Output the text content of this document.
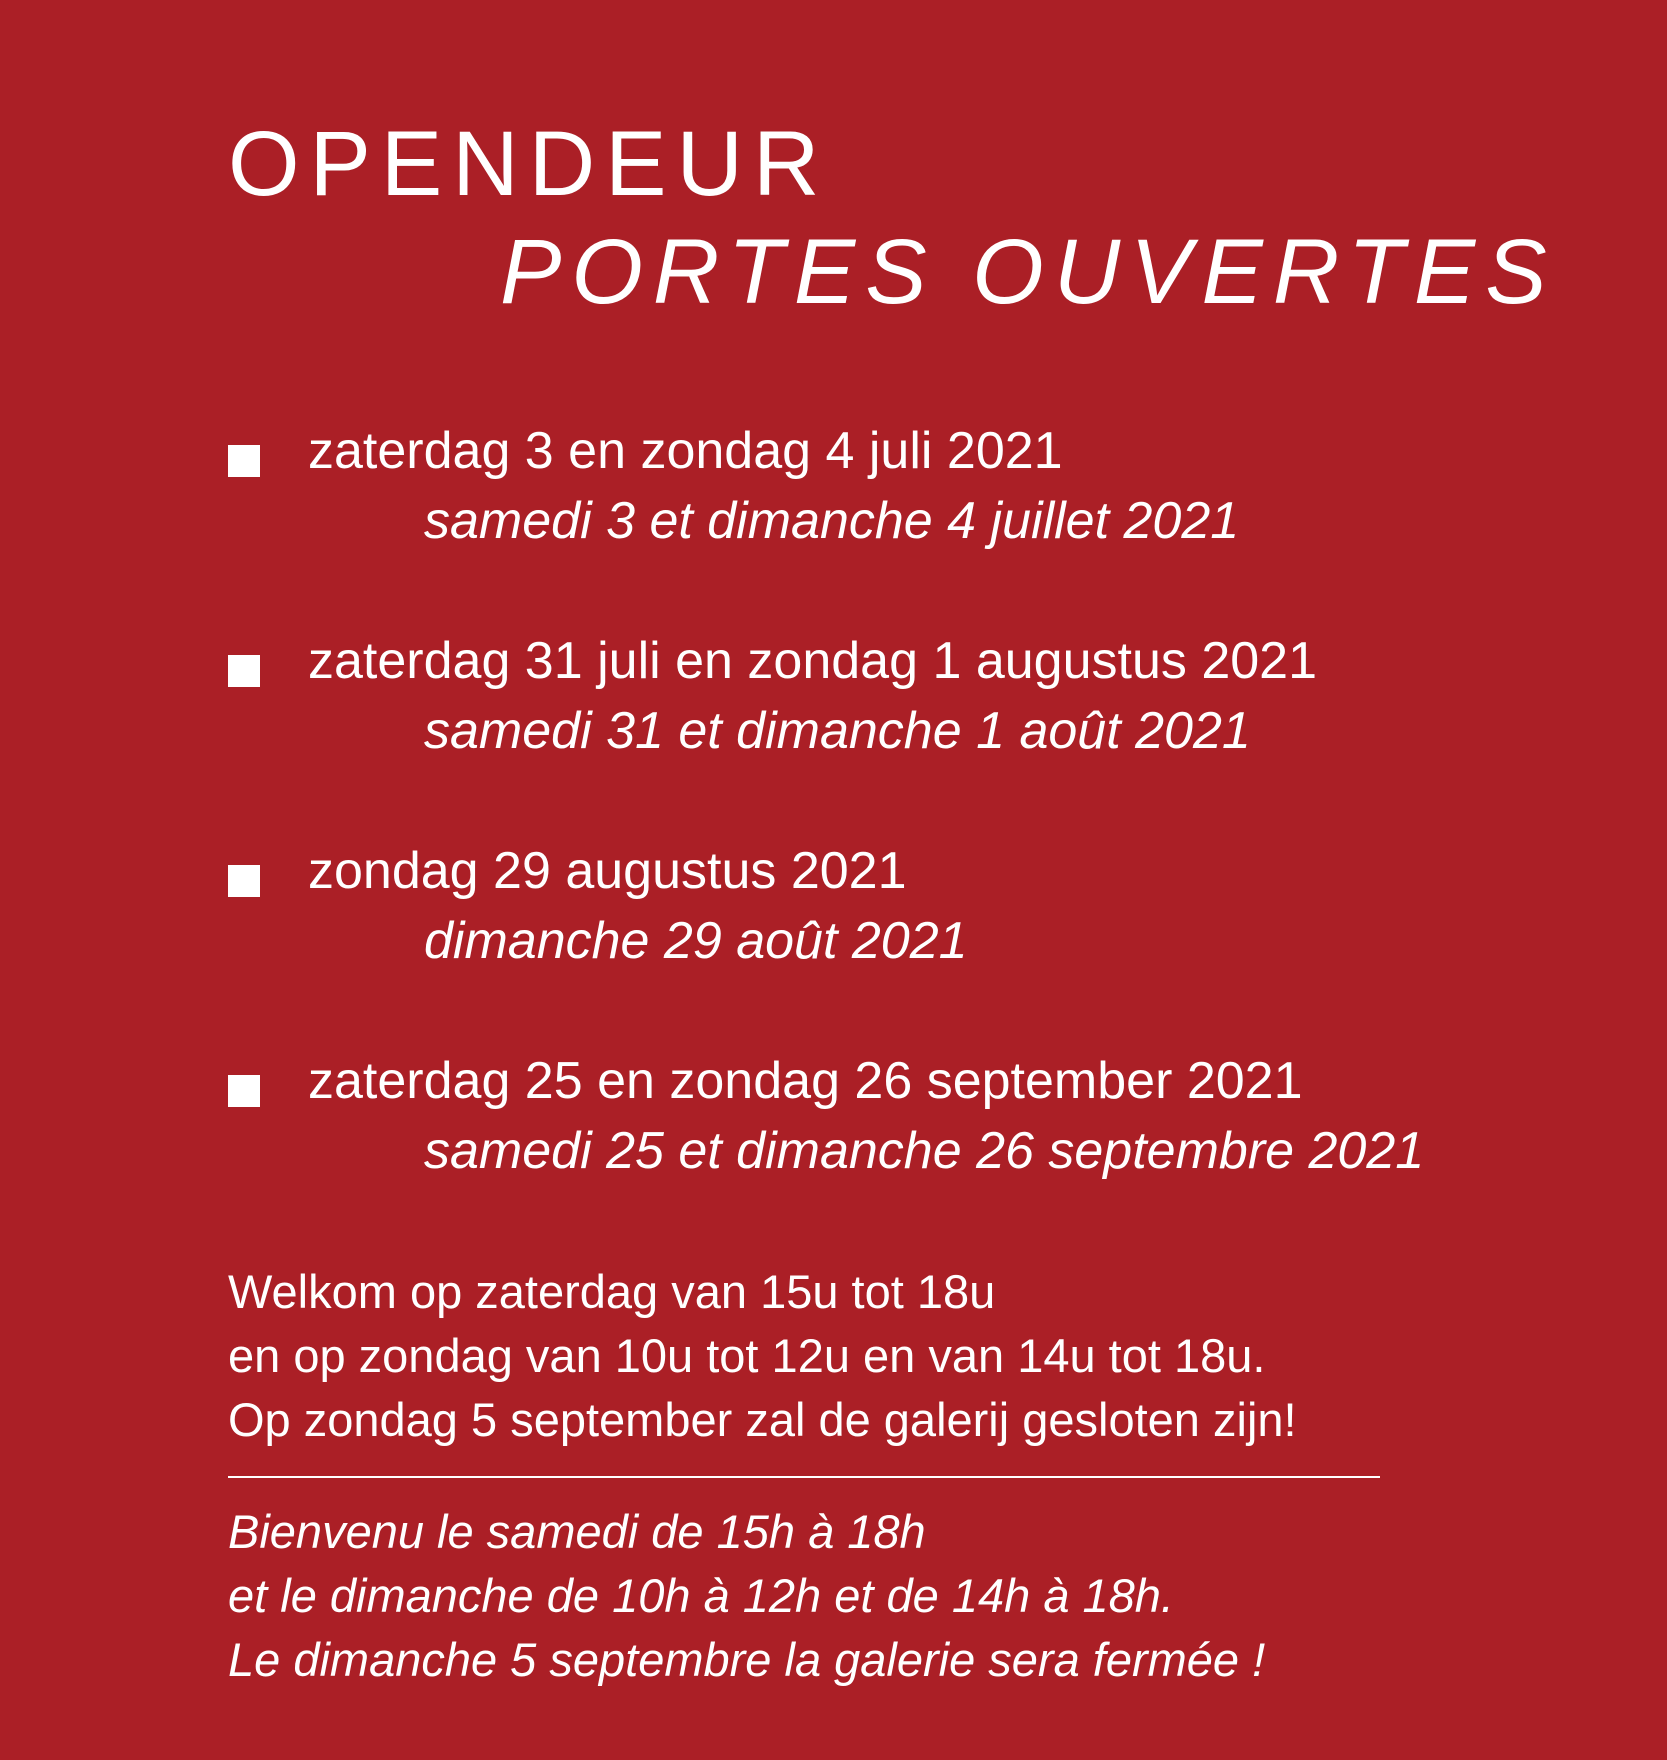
OPENDEUR
PORTES OUVERTES
zaterdag 3 en zondag 4 juli 2021
samedi 3 et dimanche 4 juillet 2021
zaterdag 31 juli en zondag 1 augustus 2021
samedi 31 et dimanche 1 août 2021
zondag 29 augustus 2021
dimanche 29 août 2021
zaterdag 25 en zondag 26 september 2021
samedi 25 et dimanche 26 septembre 2021
Welkom op zaterdag van 15u tot 18u
en op zondag van 10u tot 12u en van 14u tot 18u.
Op zondag 5 september zal de galerij gesloten zijn!
Bienvenu le samedi de 15h à 18h
et le dimanche de 10h à 12h et de 14h à 18h.
Le dimanche 5 septembre la galerie sera fermée !
